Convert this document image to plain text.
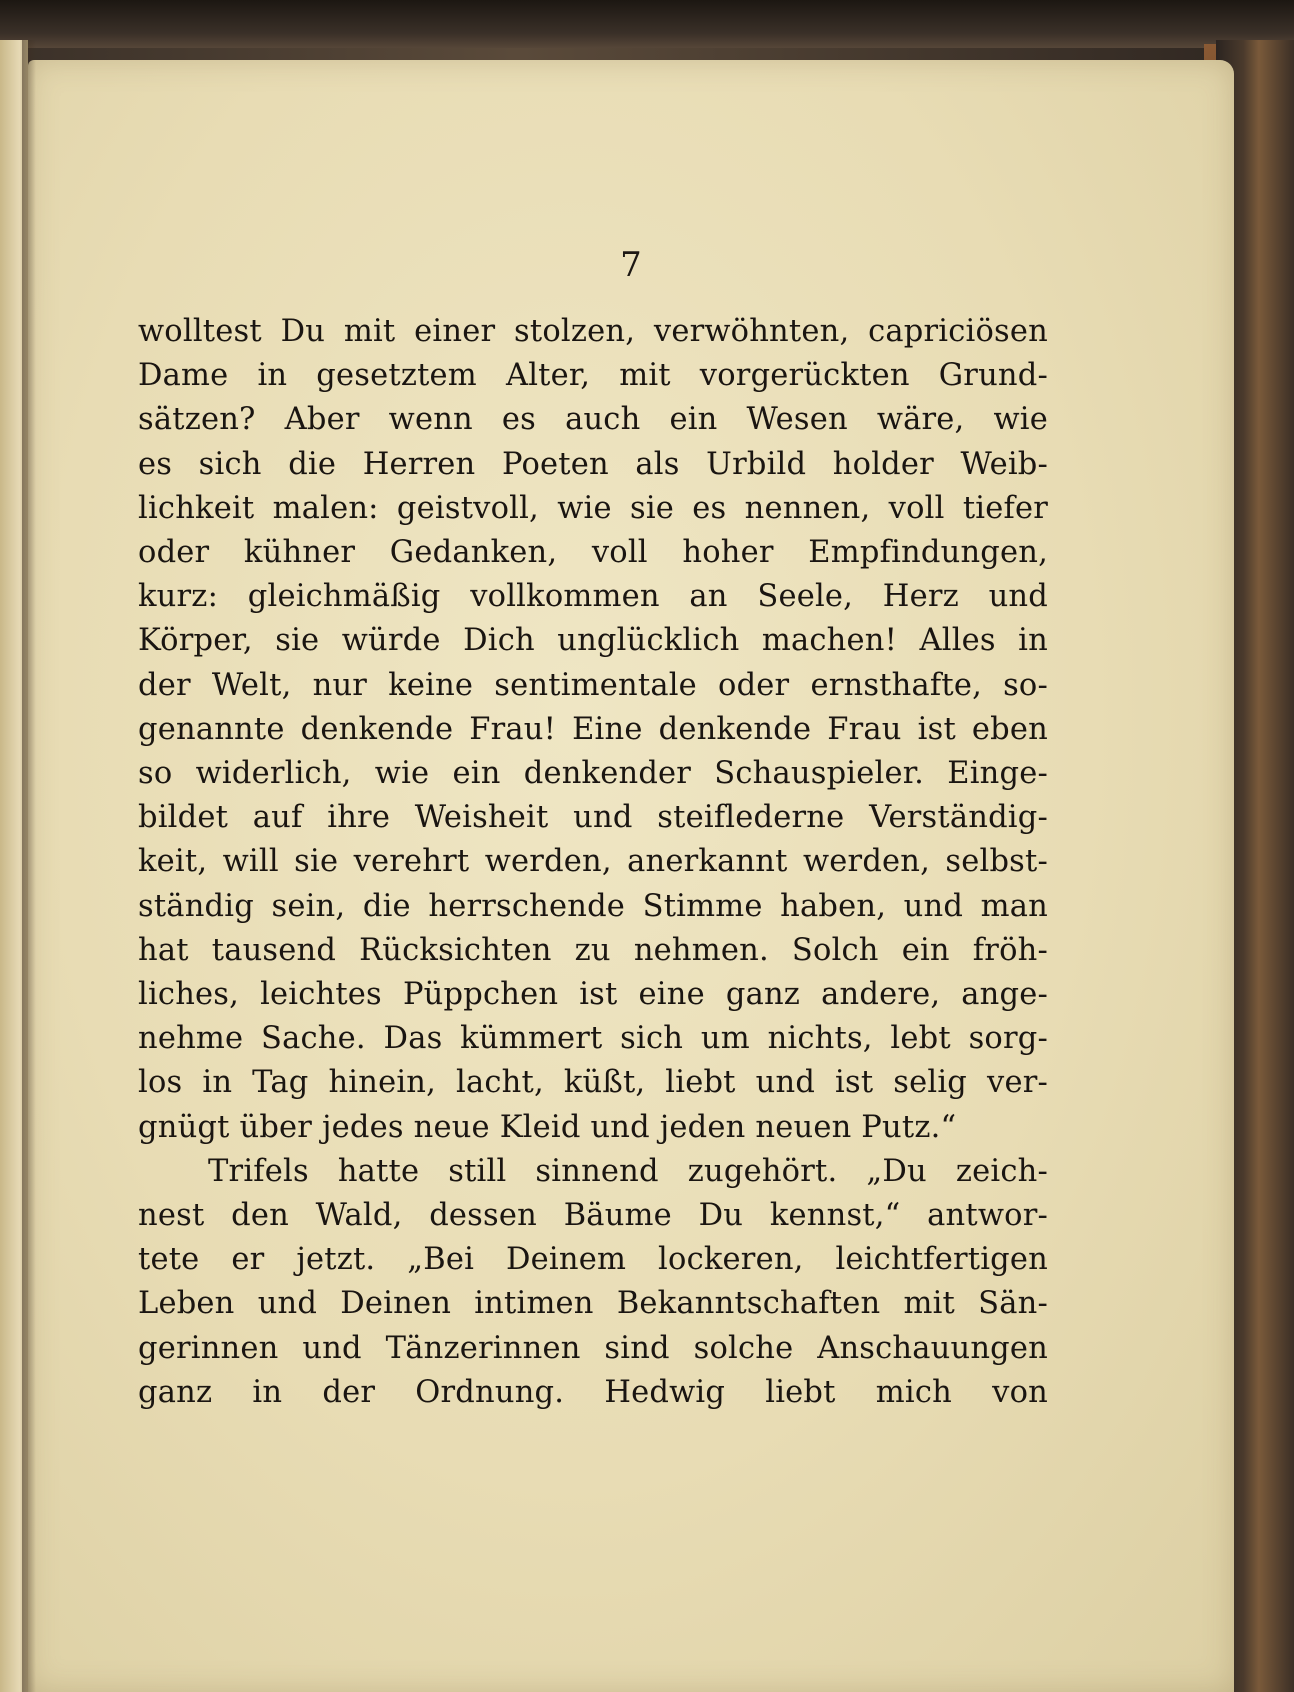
7
wolltest Du mit einer stolzen, verwöhnten, capriciösen
Dame in gesetztem Alter, mit vorgerückten Grund-
sätzen? Aber wenn es auch ein Wesen wäre, wie
es sich die Herren Poeten als Urbild holder Weib-
lichkeit malen: geistvoll, wie sie es nennen, voll tiefer
oder kühner Gedanken, voll hoher Empfindungen,
kurz: gleichmäßig vollkommen an Seele, Herz und
Körper, sie würde Dich unglücklich machen! Alles in
der Welt, nur keine sentimentale oder ernsthafte, so-
genannte denkende Frau! Eine denkende Frau ist eben
so widerlich, wie ein denkender Schauspieler. Einge-
bildet auf ihre Weisheit und steiflederne Verständig-
keit, will sie verehrt werden, anerkannt werden, selbst-
ständig sein, die herrschende Stimme haben, und man
hat tausend Rücksichten zu nehmen. Solch ein fröh-
liches, leichtes Püppchen ist eine ganz andere, ange-
nehme Sache. Das kümmert sich um nichts, lebt sorg-
los in Tag hinein, lacht, küßt, liebt und ist selig ver-
gnügt über jedes neue Kleid und jeden neuen Putz.“
Trifels hatte still sinnend zugehört. „Du zeich-
nest den Wald, dessen Bäume Du kennst,“ antwor-
tete er jetzt. „Bei Deinem lockeren, leichtfertigen
Leben und Deinen intimen Bekanntschaften mit Sän-
gerinnen und Tänzerinnen sind solche Anschauungen
ganz in der Ordnung. Hedwig liebt mich von
